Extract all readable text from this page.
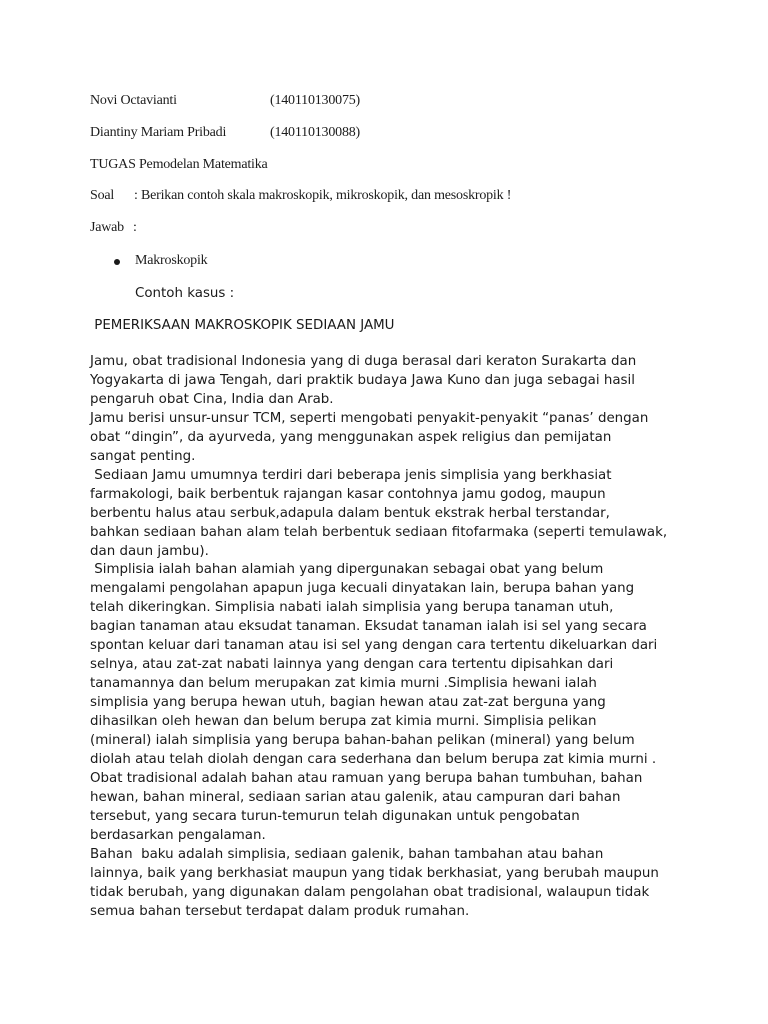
Novi Octavianti	(140110130075)
Diantiny Mariam Pribadi	(140110130088)
TUGAS Pemodelan Matematika
Soal : Berikan contoh skala makroskopik, mikroskopik, dan mesoskropik !
Jawab :
Makroskopik
Contoh kasus :
PEMERIKSAAN MAKROSKOPIK SEDIAAN JAMU
Jamu, obat tradisional Indonesia yang di duga berasal dari keraton Surakarta dan
Yogyakarta di jawa Tengah, dari praktik budaya Jawa Kuno dan juga sebagai hasil
pengaruh obat Cina, India dan Arab.
Jamu berisi unsur-unsur TCM, seperti mengobati penyakit-penyakit “panas’ dengan
obat “dingin”, da ayurveda, yang menggunakan aspek religius dan pemijatan
sangat penting.
Sediaan Jamu umumnya terdiri dari beberapa jenis simplisia yang berkhasiat
farmakologi, baik berbentuk rajangan kasar contohnya jamu godog, maupun
berbentu halus atau serbuk,adapula dalam bentuk ekstrak herbal terstandar,
bahkan sediaan bahan alam telah berbentuk sediaan fitofarmaka (seperti temulawak,
dan daun jambu).
Simplisia ialah bahan alamiah yang dipergunakan sebagai obat yang belum
mengalami pengolahan apapun juga kecuali dinyatakan lain, berupa bahan yang
telah dikeringkan. Simplisia nabati ialah simplisia yang berupa tanaman utuh,
bagian tanaman atau eksudat tanaman. Eksudat tanaman ialah isi sel yang secara
spontan keluar dari tanaman atau isi sel yang dengan cara tertentu dikeluarkan dari
selnya, atau zat-zat nabati lainnya yang dengan cara tertentu dipisahkan dari
tanamannya dan belum merupakan zat kimia murni .Simplisia hewani ialah
simplisia yang berupa hewan utuh, bagian hewan atau zat-zat berguna yang
dihasilkan oleh hewan dan belum berupa zat kimia murni. Simplisia pelikan
(mineral) ialah simplisia yang berupa bahan-bahan pelikan (mineral) yang belum
diolah atau telah diolah dengan cara sederhana dan belum berupa zat kimia murni .
Obat tradisional adalah bahan atau ramuan yang berupa bahan tumbuhan, bahan
hewan, bahan mineral, sediaan sarian atau galenik, atau campuran dari bahan
tersebut, yang secara turun-temurun telah digunakan untuk pengobatan
berdasarkan pengalaman.
Bahan  baku adalah simplisia, sediaan galenik, bahan tambahan atau bahan
lainnya, baik yang berkhasiat maupun yang tidak berkhasiat, yang berubah maupun
tidak berubah, yang digunakan dalam pengolahan obat tradisional, walaupun tidak
semua bahan tersebut terdapat dalam produk rumahan.
